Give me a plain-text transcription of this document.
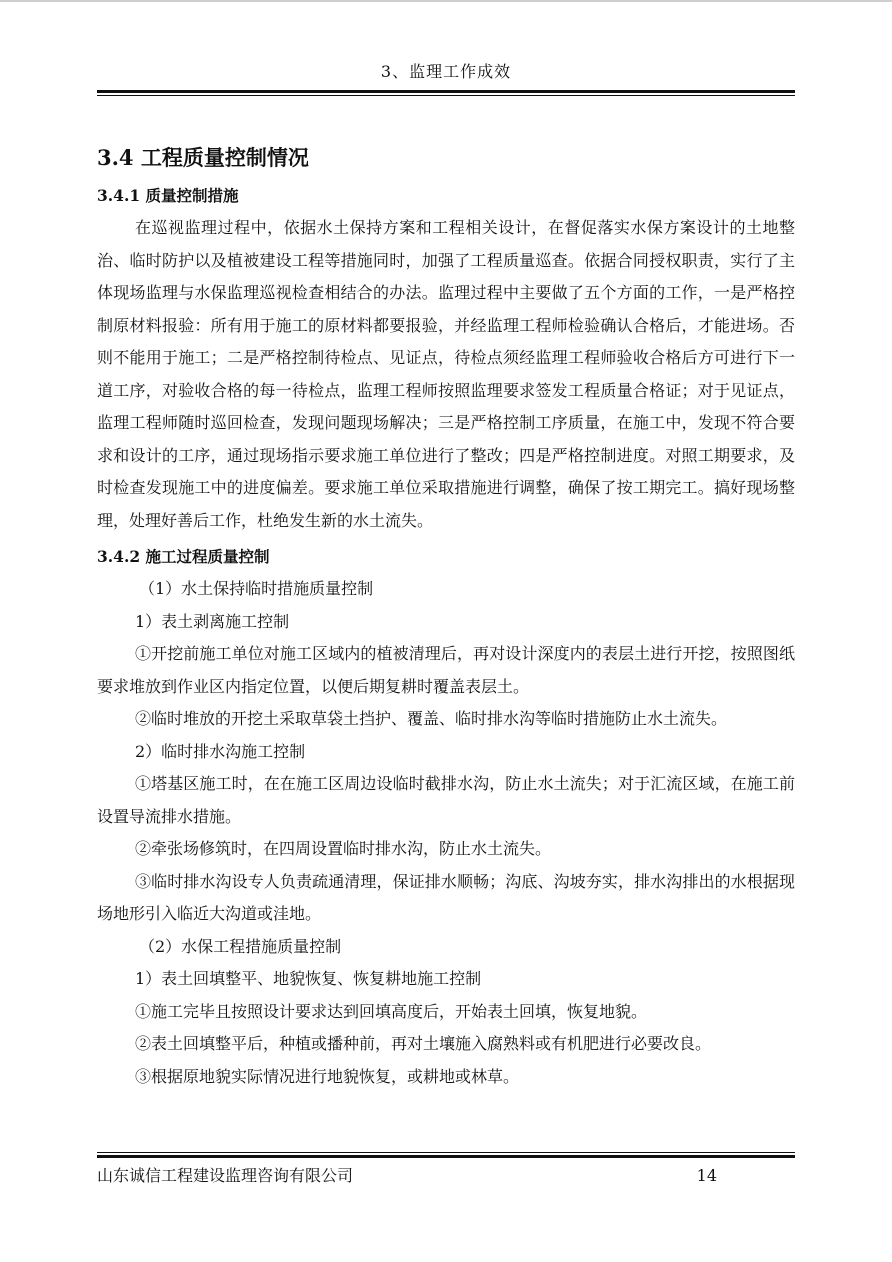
3、监理工作成效
3.4 工程质量控制情况
3.4.1 质量控制措施

在巡视监理过程中，依据水土保持方案和工程相关设计，在督促落实水保方案设计的土地整治、临时防护以及植被建设工程等措施同时，加强了工程质量巡查。依据合同授权职责，实行了主体现场监理与水保监理巡视检查相结合的办法。监理过程中主要做了五个方面的工作，一是严格控制原材料报验：所有用于施工的原材料都要报验，并经监理工程师检验确认合格后，才能进场。否则不能用于施工；二是严格控制待检点、见证点，待检点须经监理工程师验收合格后方可进行下一道工序，对验收合格的每一待检点，监理工程师按照监理要求签发工程质量合格证；对于见证点，监理工程师随时巡回检查，发现问题现场解决；三是严格控制工序质量，在施工中，发现不符合要求和设计的工序，通过现场指示要求施工单位进行了整改；四是严格控制进度。对照工期要求，及时检查发现施工中的进度偏差。要求施工单位采取措施进行调整，确保了按工期完工。搞好现场整理，处理好善后工作，杜绝发生新的水土流失。

3.4.2 施工过程质量控制

（1）水土保持临时措施质量控制

1）表土剥离施工控制

①开挖前施工单位对施工区域内的植被清理后，再对设计深度内的表层土进行开挖，按照图纸要求堆放到作业区内指定位置，以便后期复耕时覆盖表层土。

②临时堆放的开挖土采取草袋土挡护、覆盖、临时排水沟等临时措施防止水土流失。

2）临时排水沟施工控制

①塔基区施工时，在在施工区周边设临时截排水沟，防止水土流失；对于汇流区域，在施工前设置导流排水措施。

②牵张场修筑时，在四周设置临时排水沟，防止水土流失。

③临时排水沟设专人负责疏通清理，保证排水顺畅；沟底、沟坡夯实，排水沟排出的水根据现场地形引入临近大沟道或洼地。

（2）水保工程措施质量控制

1）表土回填整平、地貌恢复、恢复耕地施工控制

①施工完毕且按照设计要求达到回填高度后，开始表土回填，恢复地貌。

②表土回填整平后，种植或播种前，再对土壤施入腐熟料或有机肥进行必要改良。

③根据原地貌实际情况进行地貌恢复，或耕地或林草。

山东诚信工程建设监理咨询有限公司	14
